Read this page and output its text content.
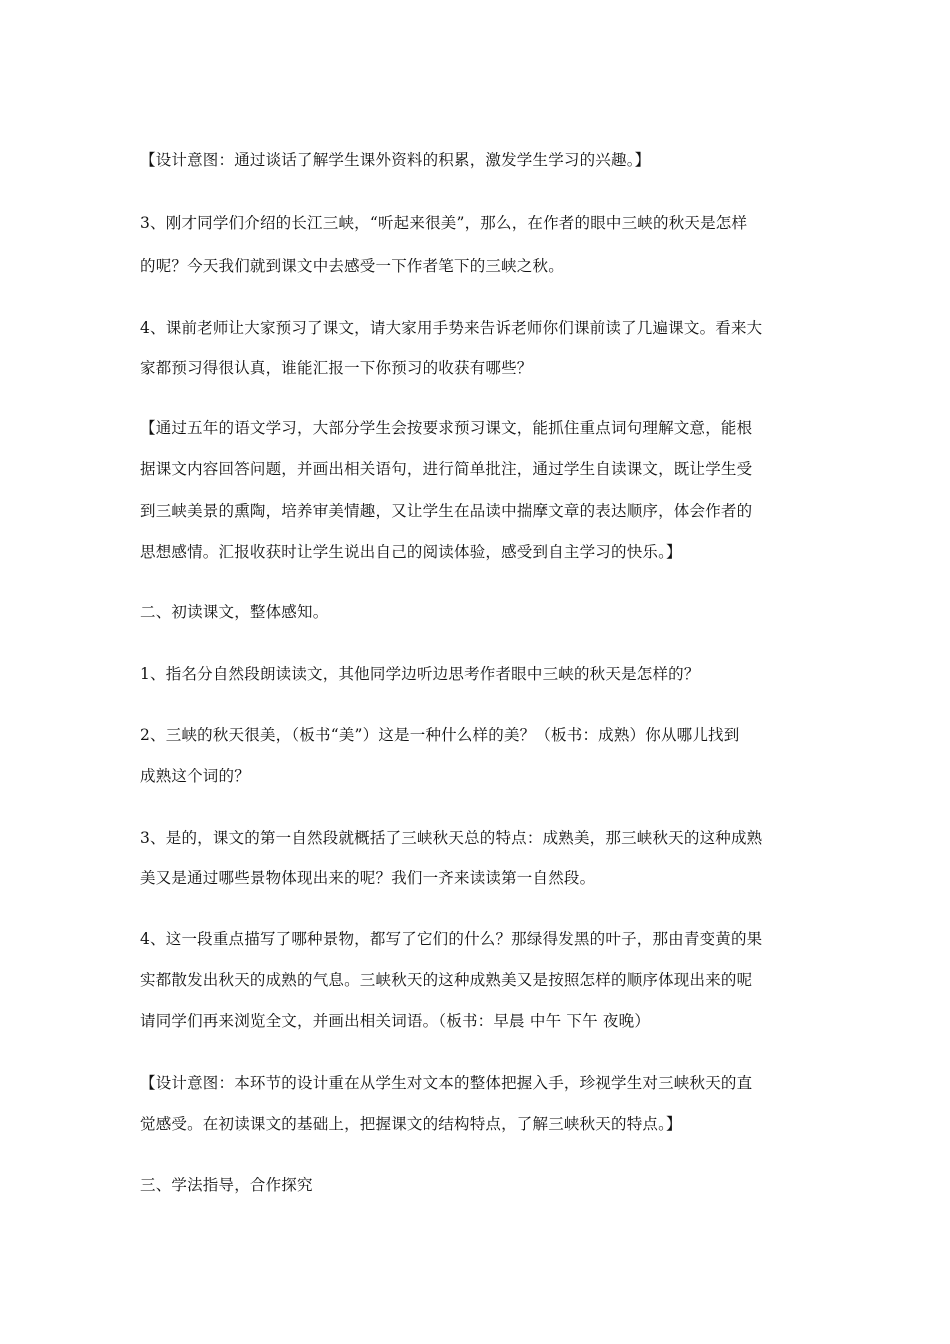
【设计意图：通过谈话了解学生课外资料的积累，激发学生学习的兴趣。】
3、刚才同学们介绍的长江三峡，“听起来很美”，那么，在作者的眼中三峡的秋天是怎样
的呢？今天我们就到课文中去感受一下作者笔下的三峡之秋。
4、课前老师让大家预习了课文，请大家用手势来告诉老师你们课前读了几遍课文。看来大
家都预习得很认真，谁能汇报一下你预习的收获有哪些？
【通过五年的语文学习，大部分学生会按要求预习课文，能抓住重点词句理解文意，能根
据课文内容回答问题，并画出相关语句，进行简单批注，通过学生自读课文，既让学生受
到三峡美景的熏陶，培养审美情趣，又让学生在品读中揣摩文章的表达顺序，体会作者的
思想感情。汇报收获时让学生说出自己的阅读体验，感受到自主学习的快乐。】
二、初读课文，整体感知。
1、指名分自然段朗读读文，其他同学边听边思考作者眼中三峡的秋天是怎样的？
2、三峡的秋天很美，（板书“美”）这是一种什么样的美？（板书：成熟）你从哪儿找到
成熟这个词的？
3、是的，课文的第一自然段就概括了三峡秋天总的特点：成熟美，那三峡秋天的这种成熟
美又是通过哪些景物体现出来的呢？我们一齐来读读第一自然段。
4、这一段重点描写了哪种景物，都写了它们的什么？那绿得发黑的叶子，那由青变黄的果
实都散发出秋天的成熟的气息。三峡秋天的这种成熟美又是按照怎样的顺序体现出来的呢
请同学们再来浏览全文，并画出相关词语。（板书：早晨 中午 下午 夜晚）
【设计意图：本环节的设计重在从学生对文本的整体把握入手，珍视学生对三峡秋天的直
觉感受。在初读课文的基础上，把握课文的结构特点，了解三峡秋天的特点。】
三、学法指导，合作探究
